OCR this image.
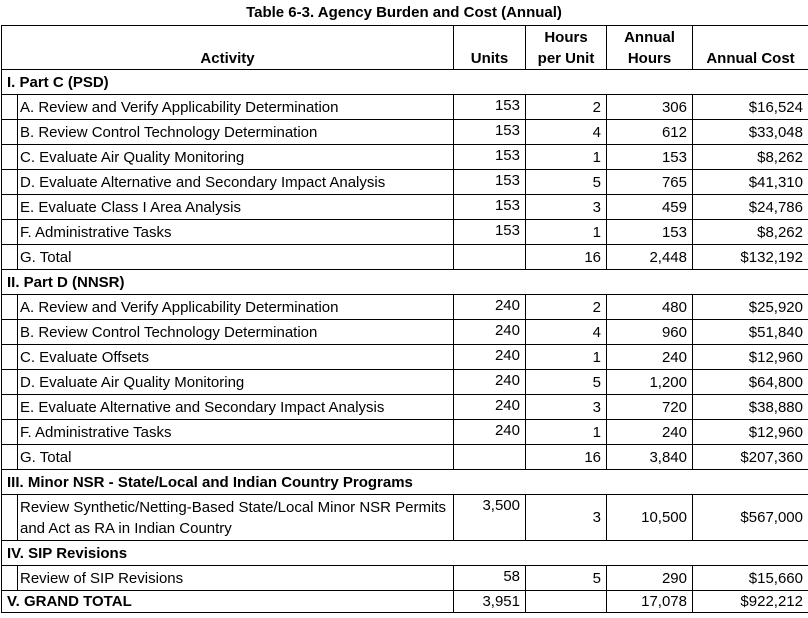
Table 6-3. Agency Burden and Cost (Annual)
Activity		Units	Hours per Unit	Annual Hours	Annual Cost
I. Part C (PSD)					
	A. Review and Verify Applicability Determination	153	2	306	$16,524
	B. Review Control Technology Determination	153	4	612	$33,048
	C. Evaluate Air Quality Monitoring	153	1	153	$8,262
	D. Evaluate Alternative and Secondary Impact Analysis	153	5	765	$41,310
	E. Evaluate Class I Area Analysis	153	3	459	$24,786
	F. Administrative Tasks	153	1	153	$8,262
	G. Total		16	2,448	$132,192
II. Part D (NNSR)					
	A. Review and Verify Applicability Determination	240	2	480	$25,920
	B. Review Control Technology Determination	240	4	960	$51,840
	C. Evaluate Offsets	240	1	240	$12,960
	D. Evaluate Air Quality Monitoring	240	5	1,200	$64,800
	E. Evaluate Alternative and Secondary Impact Analysis	240	3	720	$38,880
	F. Administrative Tasks	240	1	240	$12,960
	G. Total		16	3,840	$207,360
III. Minor NSR - State/Local and Indian Country Programs					
	Review Synthetic/Netting-Based State/Local Minor NSR Permits and Act as RA in Indian Country	3,500	3	10,500	$567,000
IV. SIP Revisions					
	Review of SIP Revisions	58	5	290	$15,660
V. GRAND TOTAL		3,951		17,078	$922,212
